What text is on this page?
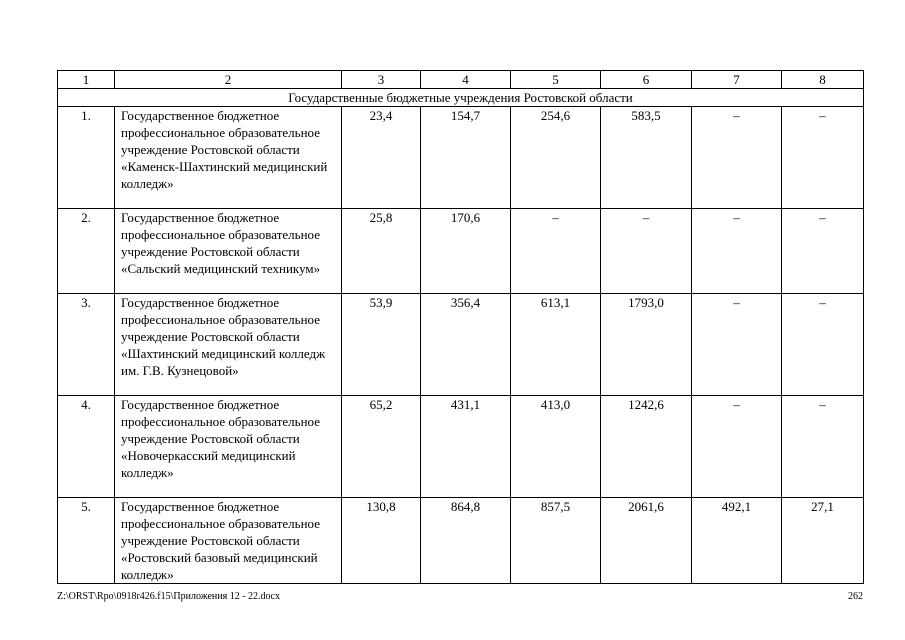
1	2	3	4	5	6	7	8
Государственные бюджетные учреждения Ростовской области							
1.	Государственное бюджетное профессиональное образовательное учреждение Ростовской области «Каменск-Шахтинский медицинский колледж»	23,4	154,7	254,6	583,5	–	–
2.	Государственное бюджетное профессиональное образовательное учреждение Ростовской области «Сальский медицинский техникум»	25,8	170,6	–	–	–	–
3.	Государственное бюджетное профессиональное образовательное учреждение Ростовской области «Шахтинский медицинский колледж им. Г.В. Кузнецовой»	53,9	356,4	613,1	1793,0	–	–
4.	Государственное бюджетное профессиональное образовательное учреждение Ростовской области «Новочеркасский медицинский колледж»	65,2	431,1	413,0	1242,6	–	–
5.	Государственное бюджетное профессиональное образовательное учреждение Ростовской области «Ростовский базовый медицинский колледж»	130,8	864,8	857,5	2061,6	492,1	27,1
Z:\ORST\Rpo\0918r426.f15\Приложения 12 - 22.docx	262
